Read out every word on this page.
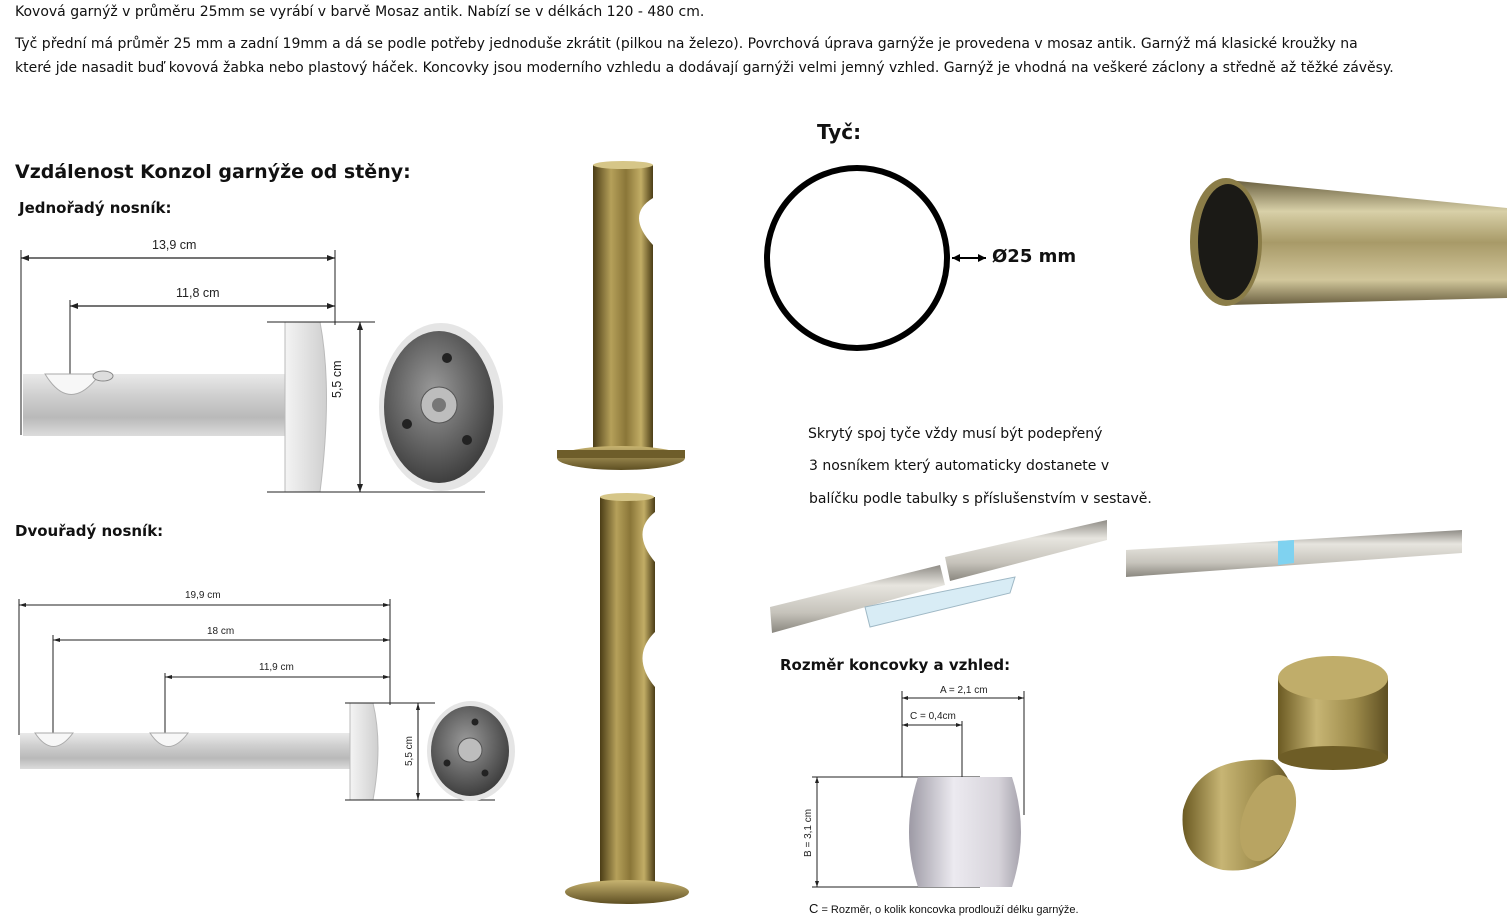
Kovová garnýž v průměru 25mm se vyrábí v barvě Mosaz antik. Nabízí se v délkách 120 - 480 cm.
Tyč přední má průměr 25 mm a zadní 19mm a dá se podle potřeby jednoduše zkrátit (pilkou na železo). Povrchová úprava garnýže je provedena v mosaz antik. Garnýž má klasické kroužky na které jde nasadit buď kovová žabka nebo plastový háček. Koncovky jsou moderního vzhledu a dodávají garnýži velmi jemný vzhled. Garnýž je vhodná na veškeré záclony a středně až těžké závěsy.
Vzdálenost Konzol garnýže od stěny:
Jednořadý nosník:
Dvouřadý nosník:
13,9 cm
11,8 cm
5,5 cm
19,9 cm
18 cm
11,9 cm
5,5 cm
Tyč:
Ø25 mm
Skrytý spoj tyče vždy musí být podepřený
3 nosníkem který automaticky dostanete v
balíčku podle tabulky s příslušenstvím v sestavě.
Rozměr koncovky a vzhled:
A = 2,1 cm
C = 0,4cm
B = 3,1 cm
C = Rozměr, o kolik koncovka prodlouží délku garnýže.
